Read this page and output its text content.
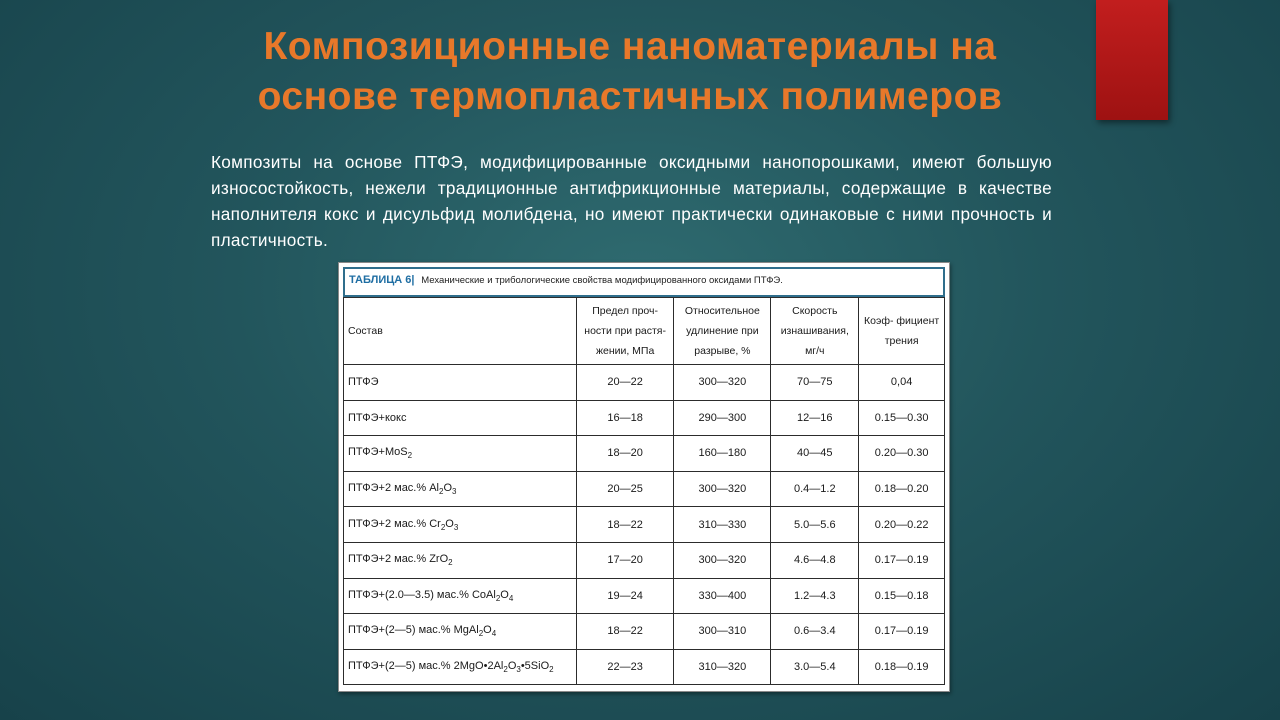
Композиционные наноматериалы на
основе термопластичных полимеров

Композиты на основе ПТФЭ, модифицированные оксидными нанопорошками, имеют большую износостойкость, нежели традиционные антифрикционные материалы, содержащие в качестве наполнителя кокс и дисульфид молибдена, но имеют практически одинаковые с ними прочность и пластичность.

ТАБЛИЦА 6| Механические и трибологические свойства модифицированного оксидами ПТФЭ.
Состав	Предел проч- ности при растя- жении, МПа	Относительное удлинение при разрыве, %	Скорость изнашивания, мг/ч	Коэф- фициент трения
ПТФЭ	20—22	300—320	70—75	0,04
ПТФЭ+кокс	16—18	290—300	12—16	0.15—0.30
ПТФЭ+MoS$_2$	18—20	160—180	40—45	0.20—0.30
ПТФЭ+2 мас.% $Al_2O_3$	20—25	300—320	0.4—1.2	0.18—0.20
ПТФЭ+2 мас.% $Cr_2O_3$	18—22	310—330	5.0—5.6	0.20—0.22
ПТФЭ+2 мас.% ZrO$_2$	17—20	300—320	4.6—4.8	0.17—0.19
ПТФЭ+(2.0—3.5) мас.% $CoAl_2O_4$	19—24	330—400	1.2—4.3	0.15—0.18
ПТФЭ+(2—5) мас.% $MgAl_2O_4$	18—22	300—310	0.6—3.4	0.17—0.19
ПТФЭ+(2—5) мас.% $2MgO•2Al_2O_3•5SiO_2$	22—23	310—320	3.0—5.4	0.18—0.19
